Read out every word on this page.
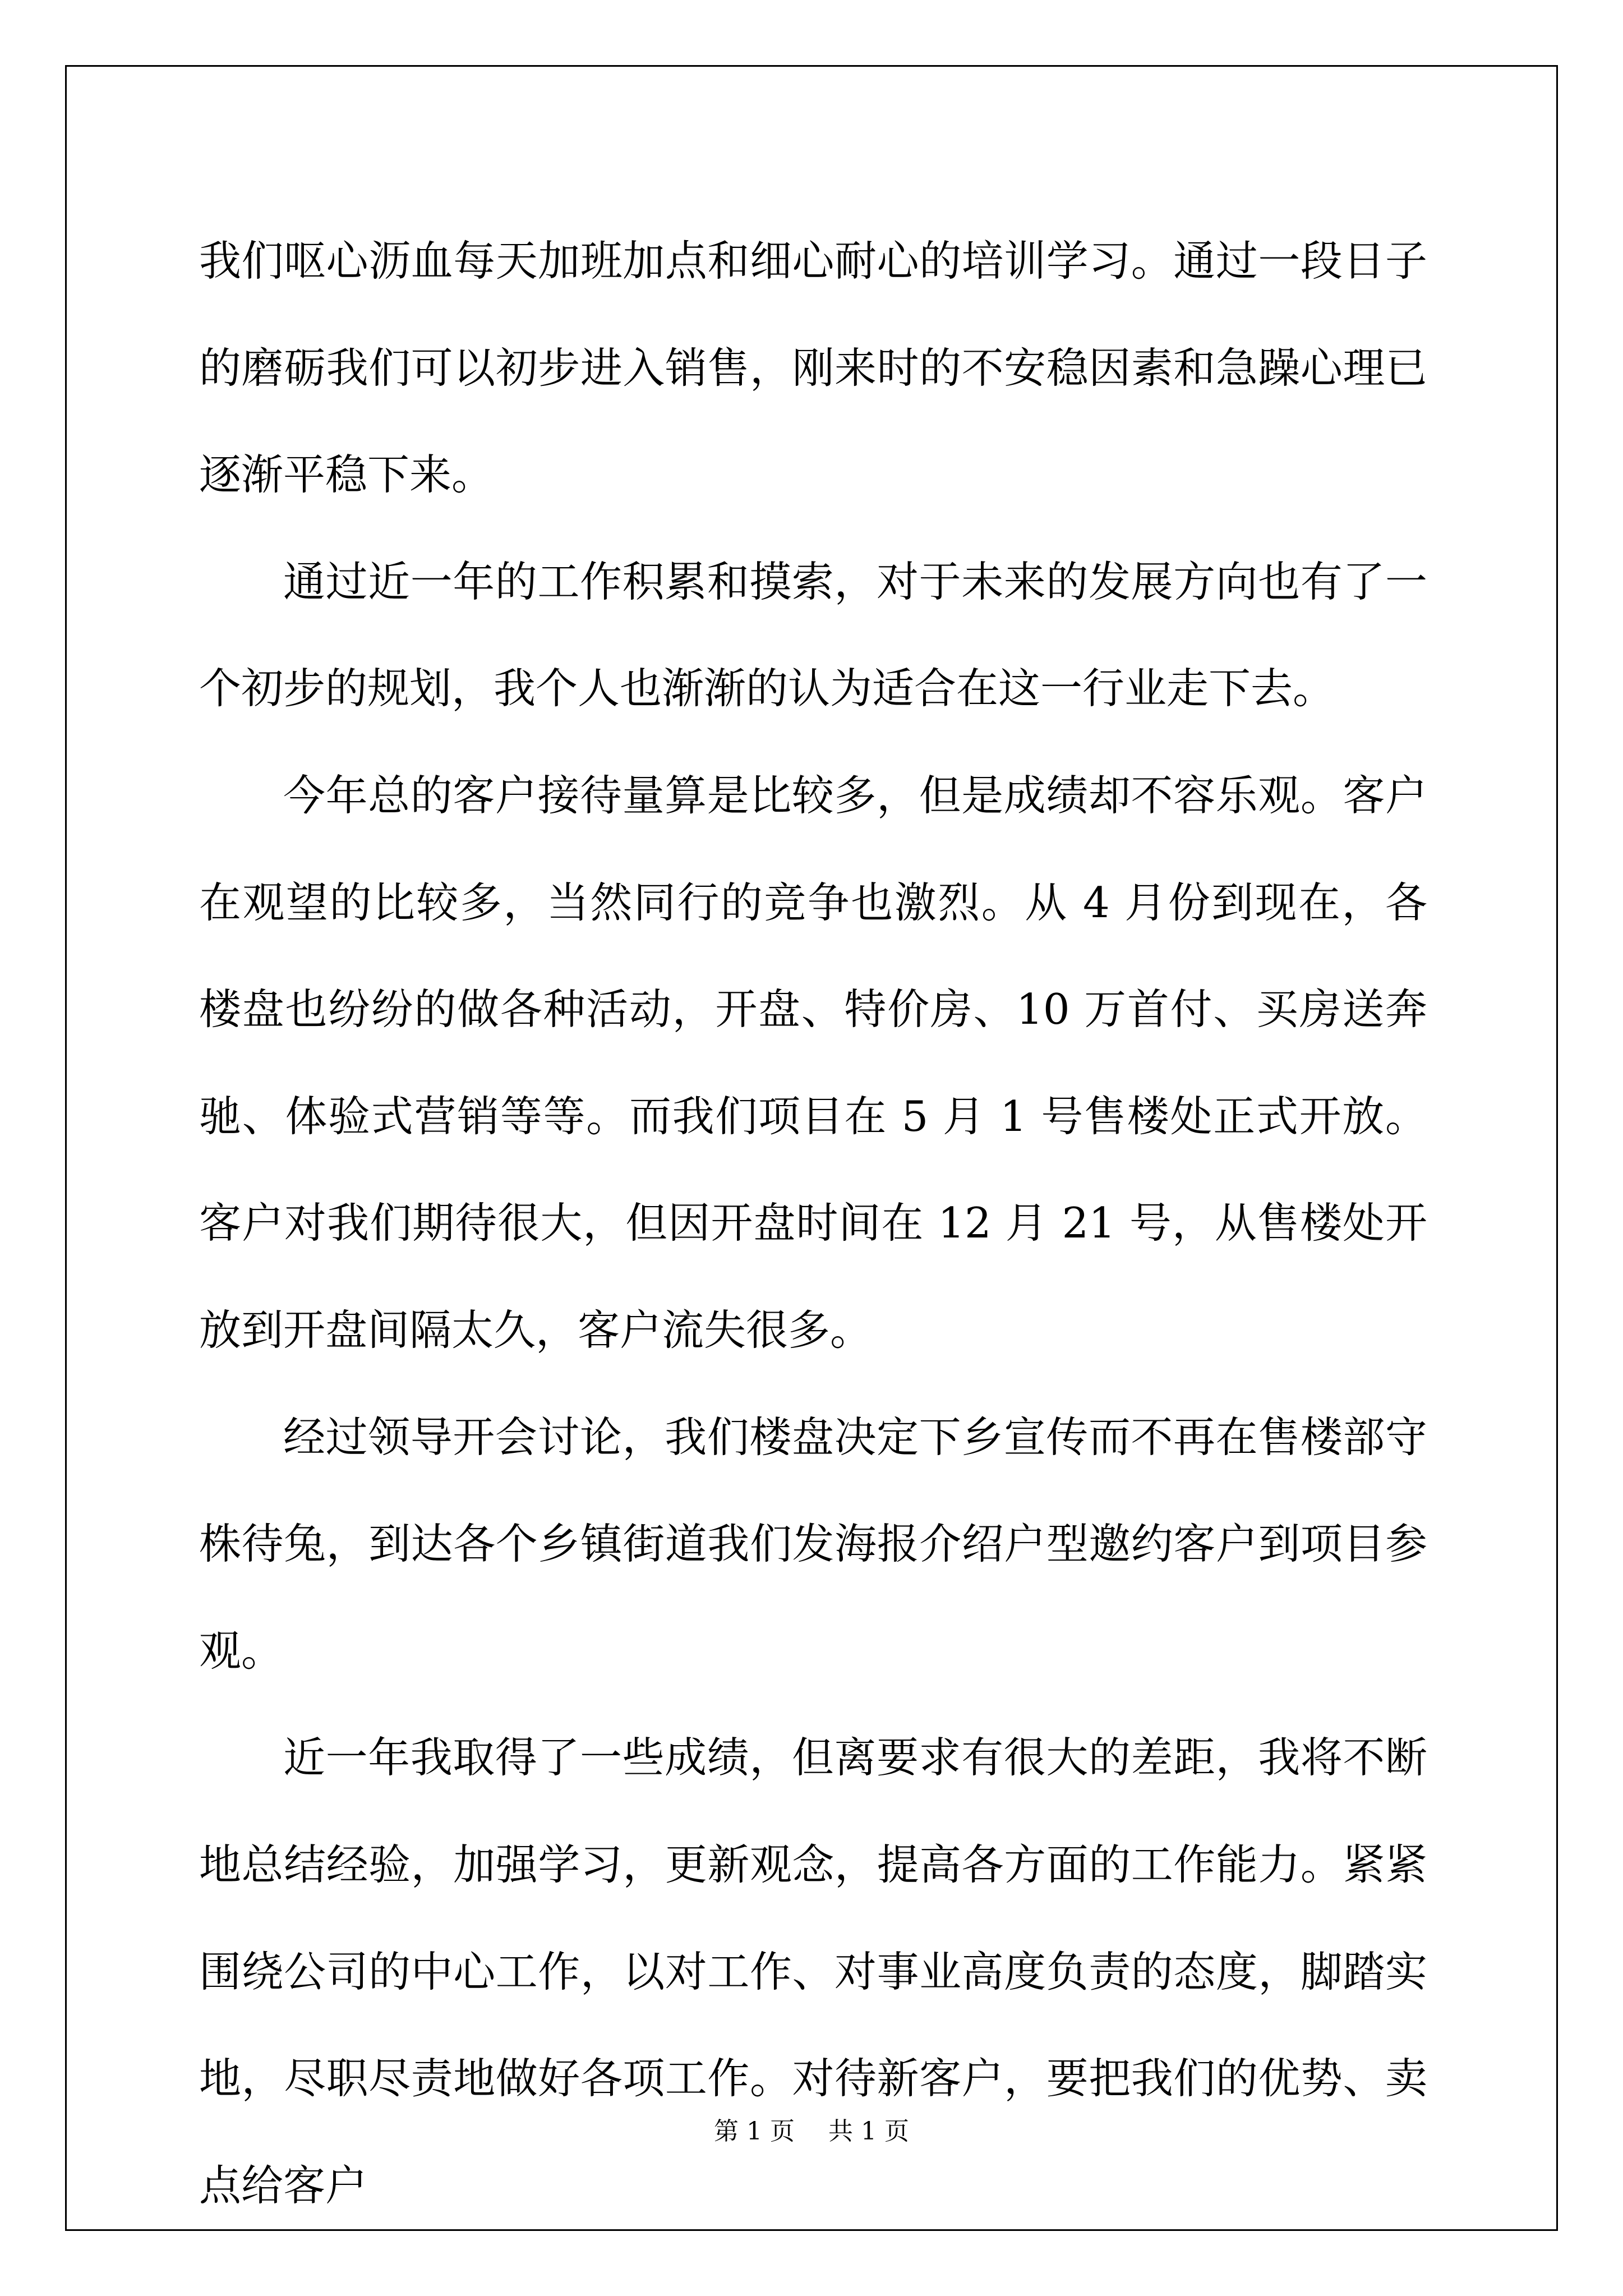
我们呕心沥血每天加班加点和细心耐心的培训学习。通过一段日子的磨砺我们可以初步进入销售，刚来时的不安稳因素和急躁心理已逐渐平稳下来。

通过近一年的工作积累和摸索，对于未来的发展方向也有了一个初步的规划，我个人也渐渐的认为适合在这一行业走下去。

今年总的客户接待量算是比较多，但是成绩却不容乐观。客户在观望的比较多，当然同行的竞争也激烈。从 4 月份到现在，各楼盘也纷纷的做各种活动，开盘、特价房、10 万首付、买房送奔驰、体验式营销等等。而我们项目在 5 月 1 号售楼处正式开放。客户对我们期待很大，但因开盘时间在 12 月 21 号，从售楼处开放到开盘间隔太久，客户流失很多。

经过领导开会讨论，我们楼盘决定下乡宣传而不再在售楼部守株待兔，到达各个乡镇街道我们发海报介绍户型邀约客户到项目参观。

近一年我取得了一些成绩，但离要求有很大的差距，我将不断地总结经验，加强学习，更新观念，提高各方面的工作能力。紧紧围绕公司的中心工作，以对工作、对事业高度负责的态度，脚踏实地，尽职尽责地做好各项工作。对待新客户，要把我们的优势、卖点给客户

第 1 页 共 1 页
